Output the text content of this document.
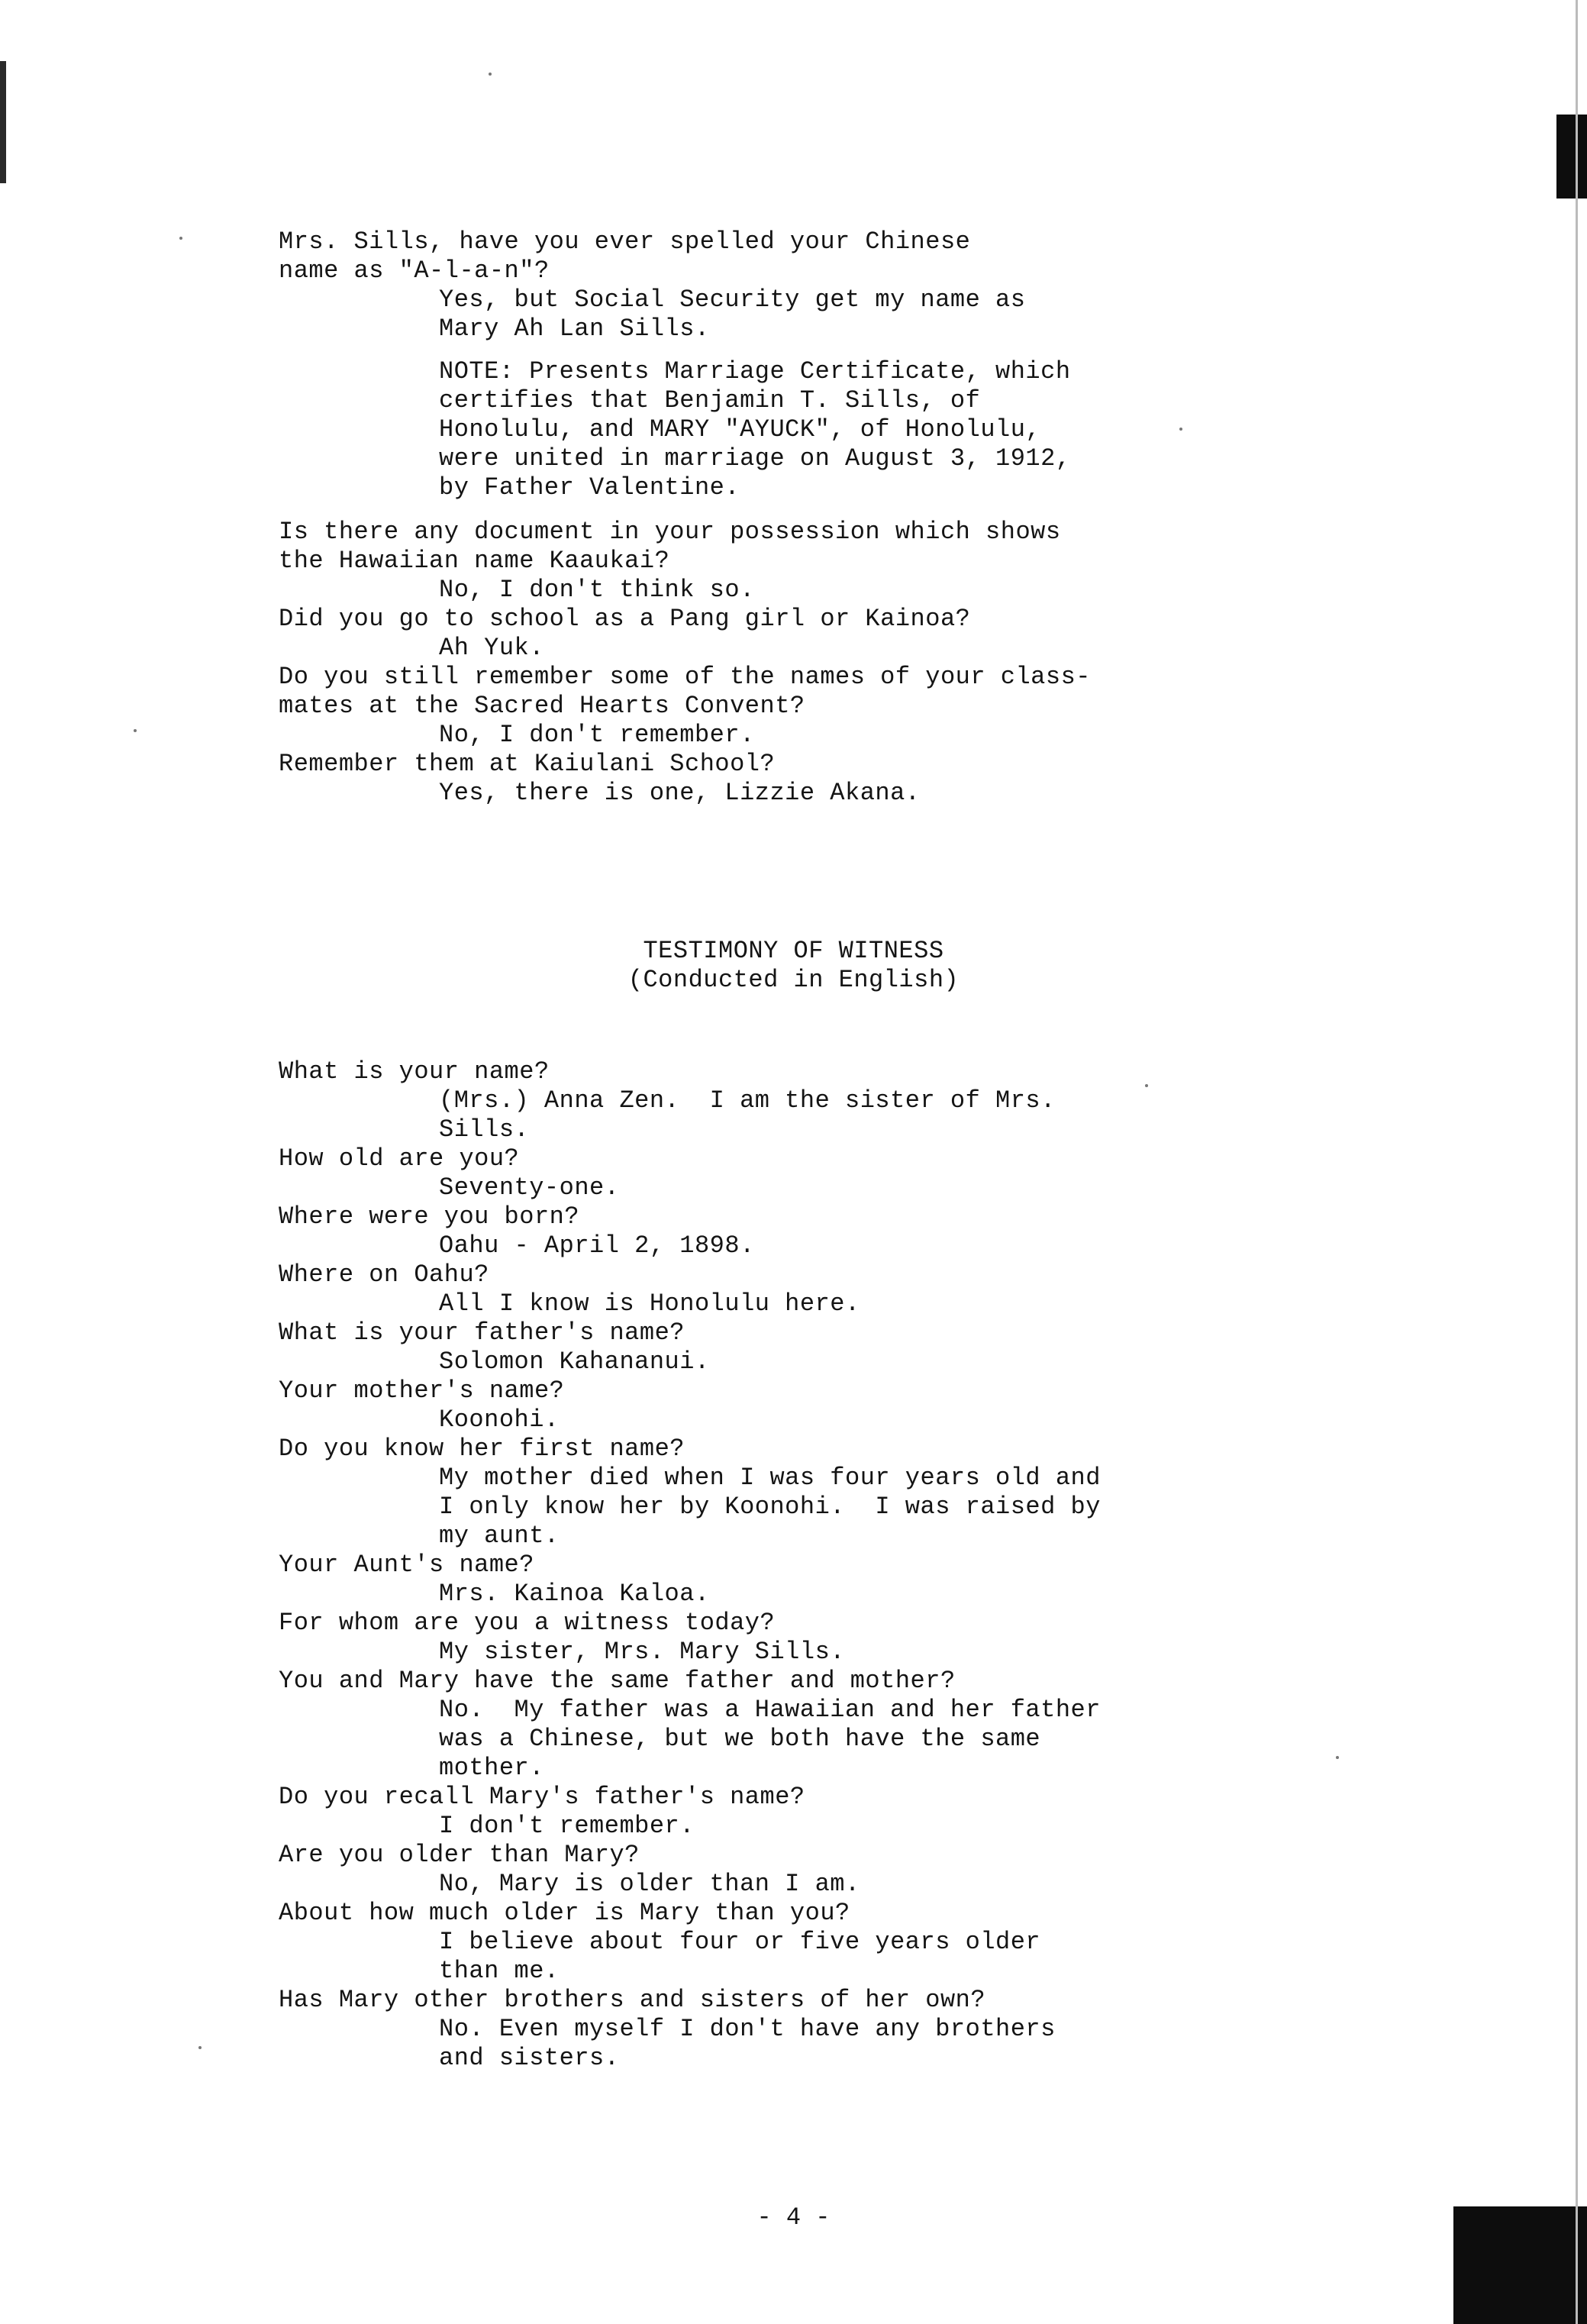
Mrs. Sills, have you ever spelled your Chinese
name as "A-l-a-n"?
Yes, but Social Security get my name as
Mary Ah Lan Sills.
NOTE: Presents Marriage Certificate, which
certifies that Benjamin T. Sills, of
Honolulu, and MARY "AYUCK", of Honolulu,
were united in marriage on August 3, 1912,
by Father Valentine.
Is there any document in your possession which shows
the Hawaiian name Kaaukai?
No, I don't think so.
Did you go to school as a Pang girl or Kainoa?
Ah Yuk.
Do you still remember some of the names of your class-
mates at the Sacred Hearts Convent?
No, I don't remember.
Remember them at Kaiulani School?
Yes, there is one, Lizzie Akana.
TESTIMONY OF WITNESS
(Conducted in English)
What is your name?
(Mrs.) Anna Zen.  I am the sister of Mrs.
Sills.
How old are you?
Seventy-one.
Where were you born?
Oahu - April 2, 1898.
Where on Oahu?
All I know is Honolulu here.
What is your father's name?
Solomon Kahananui.
Your mother's name?
Koonohi.
Do you know her first name?
My mother died when I was four years old and
I only know her by Koonohi.  I was raised by
my aunt.
Your Aunt's name?
Mrs. Kainoa Kaloa.
For whom are you a witness today?
My sister, Mrs. Mary Sills.
You and Mary have the same father and mother?
No.  My father was a Hawaiian and her father
was a Chinese, but we both have the same
mother.
Do you recall Mary's father's name?
I don't remember.
Are you older than Mary?
No, Mary is older than I am.
About how much older is Mary than you?
I believe about four or five years older
than me.
Has Mary other brothers and sisters of her own?
No. Even myself I don't have any brothers
and sisters.
- 4 -
